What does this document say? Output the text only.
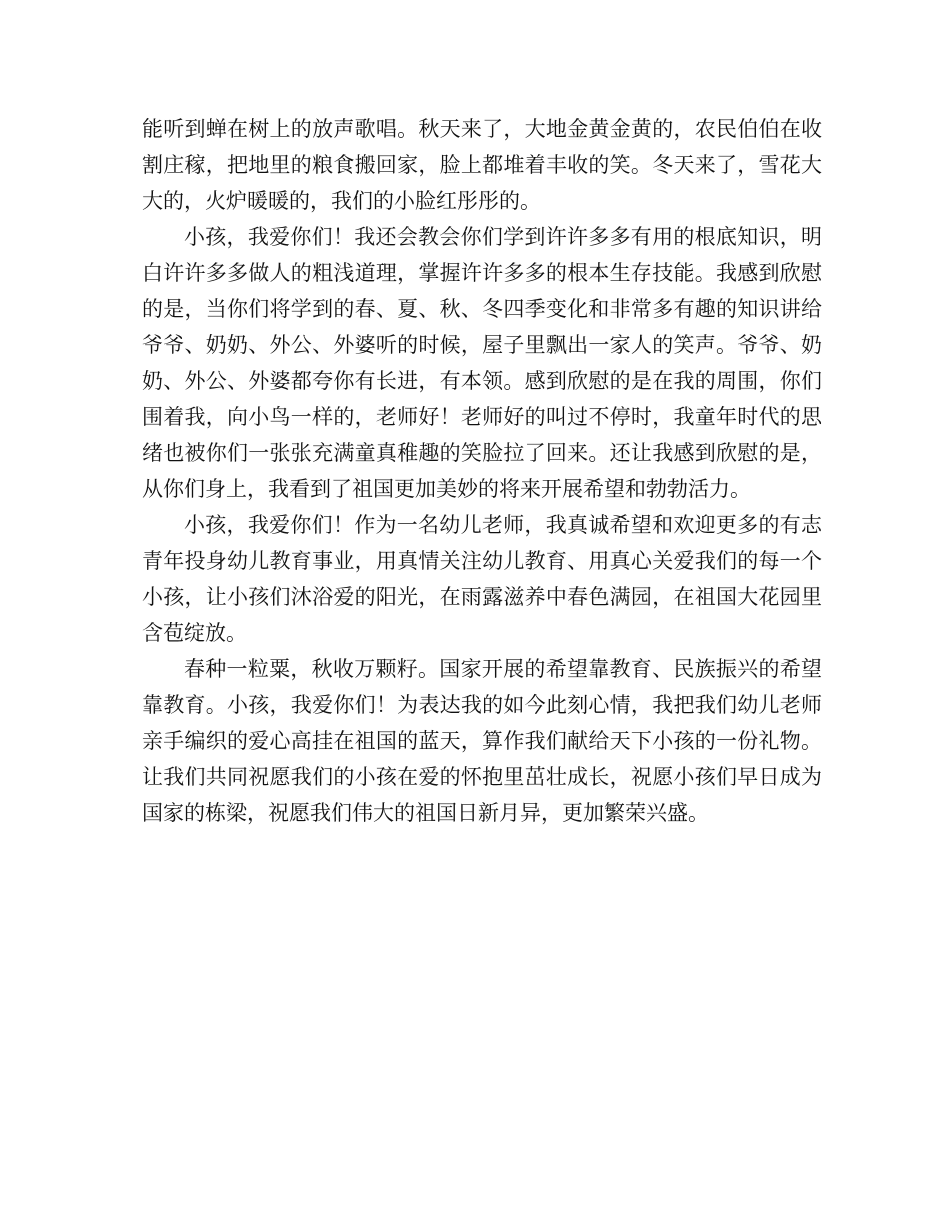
能听到蝉在树上的放声歌唱。秋天来了，大地金黄金黄的，农民伯伯在收割庄稼，把地里的粮食搬回家，脸上都堆着丰收的笑。冬天来了，雪花大大的，火炉暖暖的，我们的小脸红彤彤的。

小孩，我爱你们！我还会教会你们学到许许多多有用的根底知识，明白许许多多做人的粗浅道理，掌握许许多多的根本生存技能。我感到欣慰的是，当你们将学到的春、夏、秋、冬四季变化和非常多有趣的知识讲给爷爷、奶奶、外公、外婆听的时候，屋子里飘出一家人的笑声。爷爷、奶奶、外公、外婆都夸你有长进，有本领。感到欣慰的是在我的周围，你们围着我，向小鸟一样的，老师好！老师好的叫过不停时，我童年时代的思绪也被你们一张张充满童真稚趣的笑脸拉了回来。还让我感到欣慰的是，从你们身上，我看到了祖国更加美妙的将来开展希望和勃勃活力。

小孩，我爱你们！作为一名幼儿老师，我真诚希望和欢迎更多的有志青年投身幼儿教育事业，用真情关注幼儿教育、用真心关爱我们的每一个小孩，让小孩们沐浴爱的阳光，在雨露滋养中春色满园，在祖国大花园里含苞绽放。

春种一粒粟，秋收万颗籽。国家开展的希望靠教育、民族振兴的希望靠教育。小孩，我爱你们！为表达我的如今此刻心情，我把我们幼儿老师亲手编织的爱心高挂在祖国的蓝天，算作我们献给天下小孩的一份礼物。让我们共同祝愿我们的小孩在爱的怀抱里茁壮成长，祝愿小孩们早日成为国家的栋梁，祝愿我们伟大的祖国日新月异，更加繁荣兴盛。
